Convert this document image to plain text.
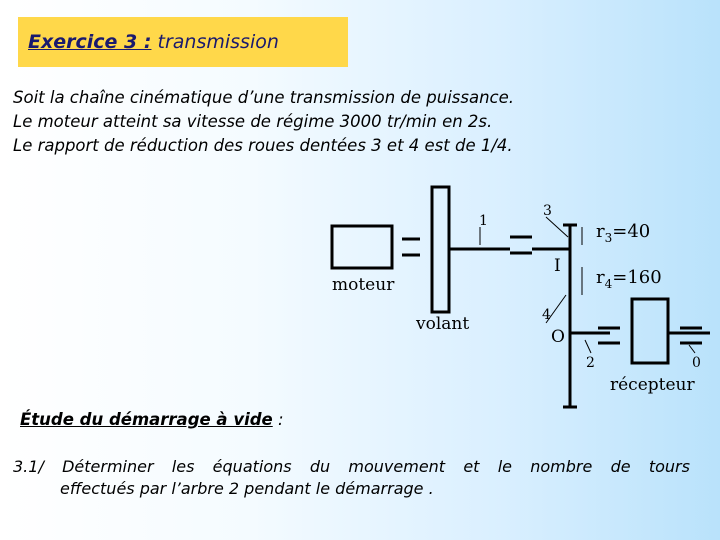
Exercice 3 : transmission
Soit la chaîne cinématique d’une transmission de puissance.
Le moteur atteint sa vitesse de régime 3000 tr/min en 2s.
Le rapport de réduction des roues dentées 3 et 4 est de 1/4.
moteur
volant
récepteur
1
3
4
2	0
I
O
$r_3=40$
$r_4=160$
Étude du démarrage à vide :
3.1/ Déterminer les équations du mouvement et le nombre de tours
effectués par l’arbre 2 pendant le démarrage .
